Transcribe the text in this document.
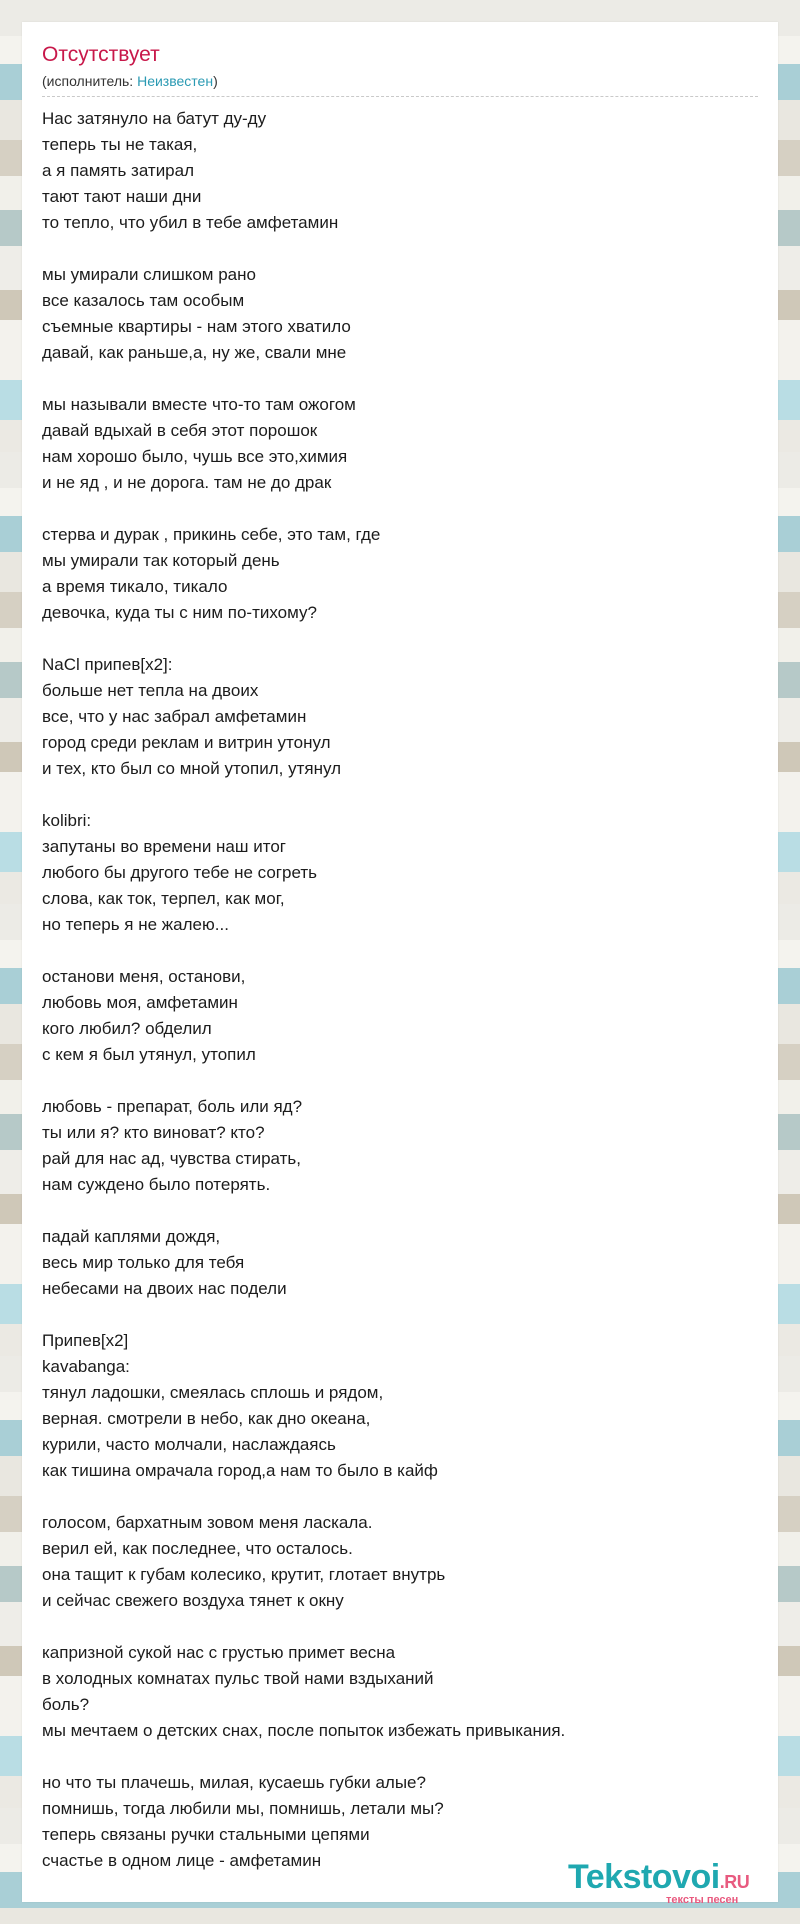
Отсутствует
(исполнитель: Неизвестен)
Нас затянуло на батут ду-ду
теперь ты не такая,
а я память затирал
тают тают наши дни
то тепло, что убил в тебе амфетамин
мы умирали слишком рано
все казалось там особым
съемные квартиры - нам этого хватило
давай, как раньше,а, ну же, свали мне
мы называли вместе что-то там ожогом
давай вдыхай в себя этот порошок
нам хорошо было, чушь все это,химия
и не яд , и не дорога. там не до драк
стерва и дурак , прикинь себе, это там, где
мы умирали так который день
а время тикало, тикало
девочка, куда ты с ним по-тихому?
NaCl припев[x2]:
больше нет тепла на двоих
все, что у нас забрал амфетамин
город среди реклам и витрин утонул
и тех, кто был со мной утопил, утянул
kolibri:
запутаны во времени наш итог
любого бы другого тебе не согреть
слова, как ток, терпел, как мог,
но теперь я не жалею...
останови меня, останови,
любовь моя, амфетамин
кого любил? обделил
с кем я был утянул, утопил
любовь - препарат, боль или яд?
ты или я? кто виноват? кто?
рай для нас ад, чувства стирать,
нам суждено было потерять.
падай каплями дождя,
весь мир только для тебя
небесами на двоих нас подели
Припев[x2]
kavabanga:
тянул ладошки, смеялась сплошь и рядом,
верная. смотрели в небо, как дно океана,
курили, часто молчали, наслаждаясь
как тишина омрачала город,а нам то было в кайф
голосом, бархатным зовом меня ласкала.
верил ей, как последнее, что осталось.
она тащит к губам колесико, крутит, глотает внутрь
и сейчас свежего воздуха тянет к окну
капризной сукой нас с грустью примет весна
в холодных комнатах пульс твой нами вздыханий
боль?
мы мечтаем о детских снах, после попыток избежать привыкания.
но что ты плачешь, милая, кусаешь губки алые?
помнишь, тогда любили мы, помнишь, летали мы?
теперь связаны ручки стальными цепями
счастье в одном лице - амфетамин	Tekstovoi.RU
тексты песен
